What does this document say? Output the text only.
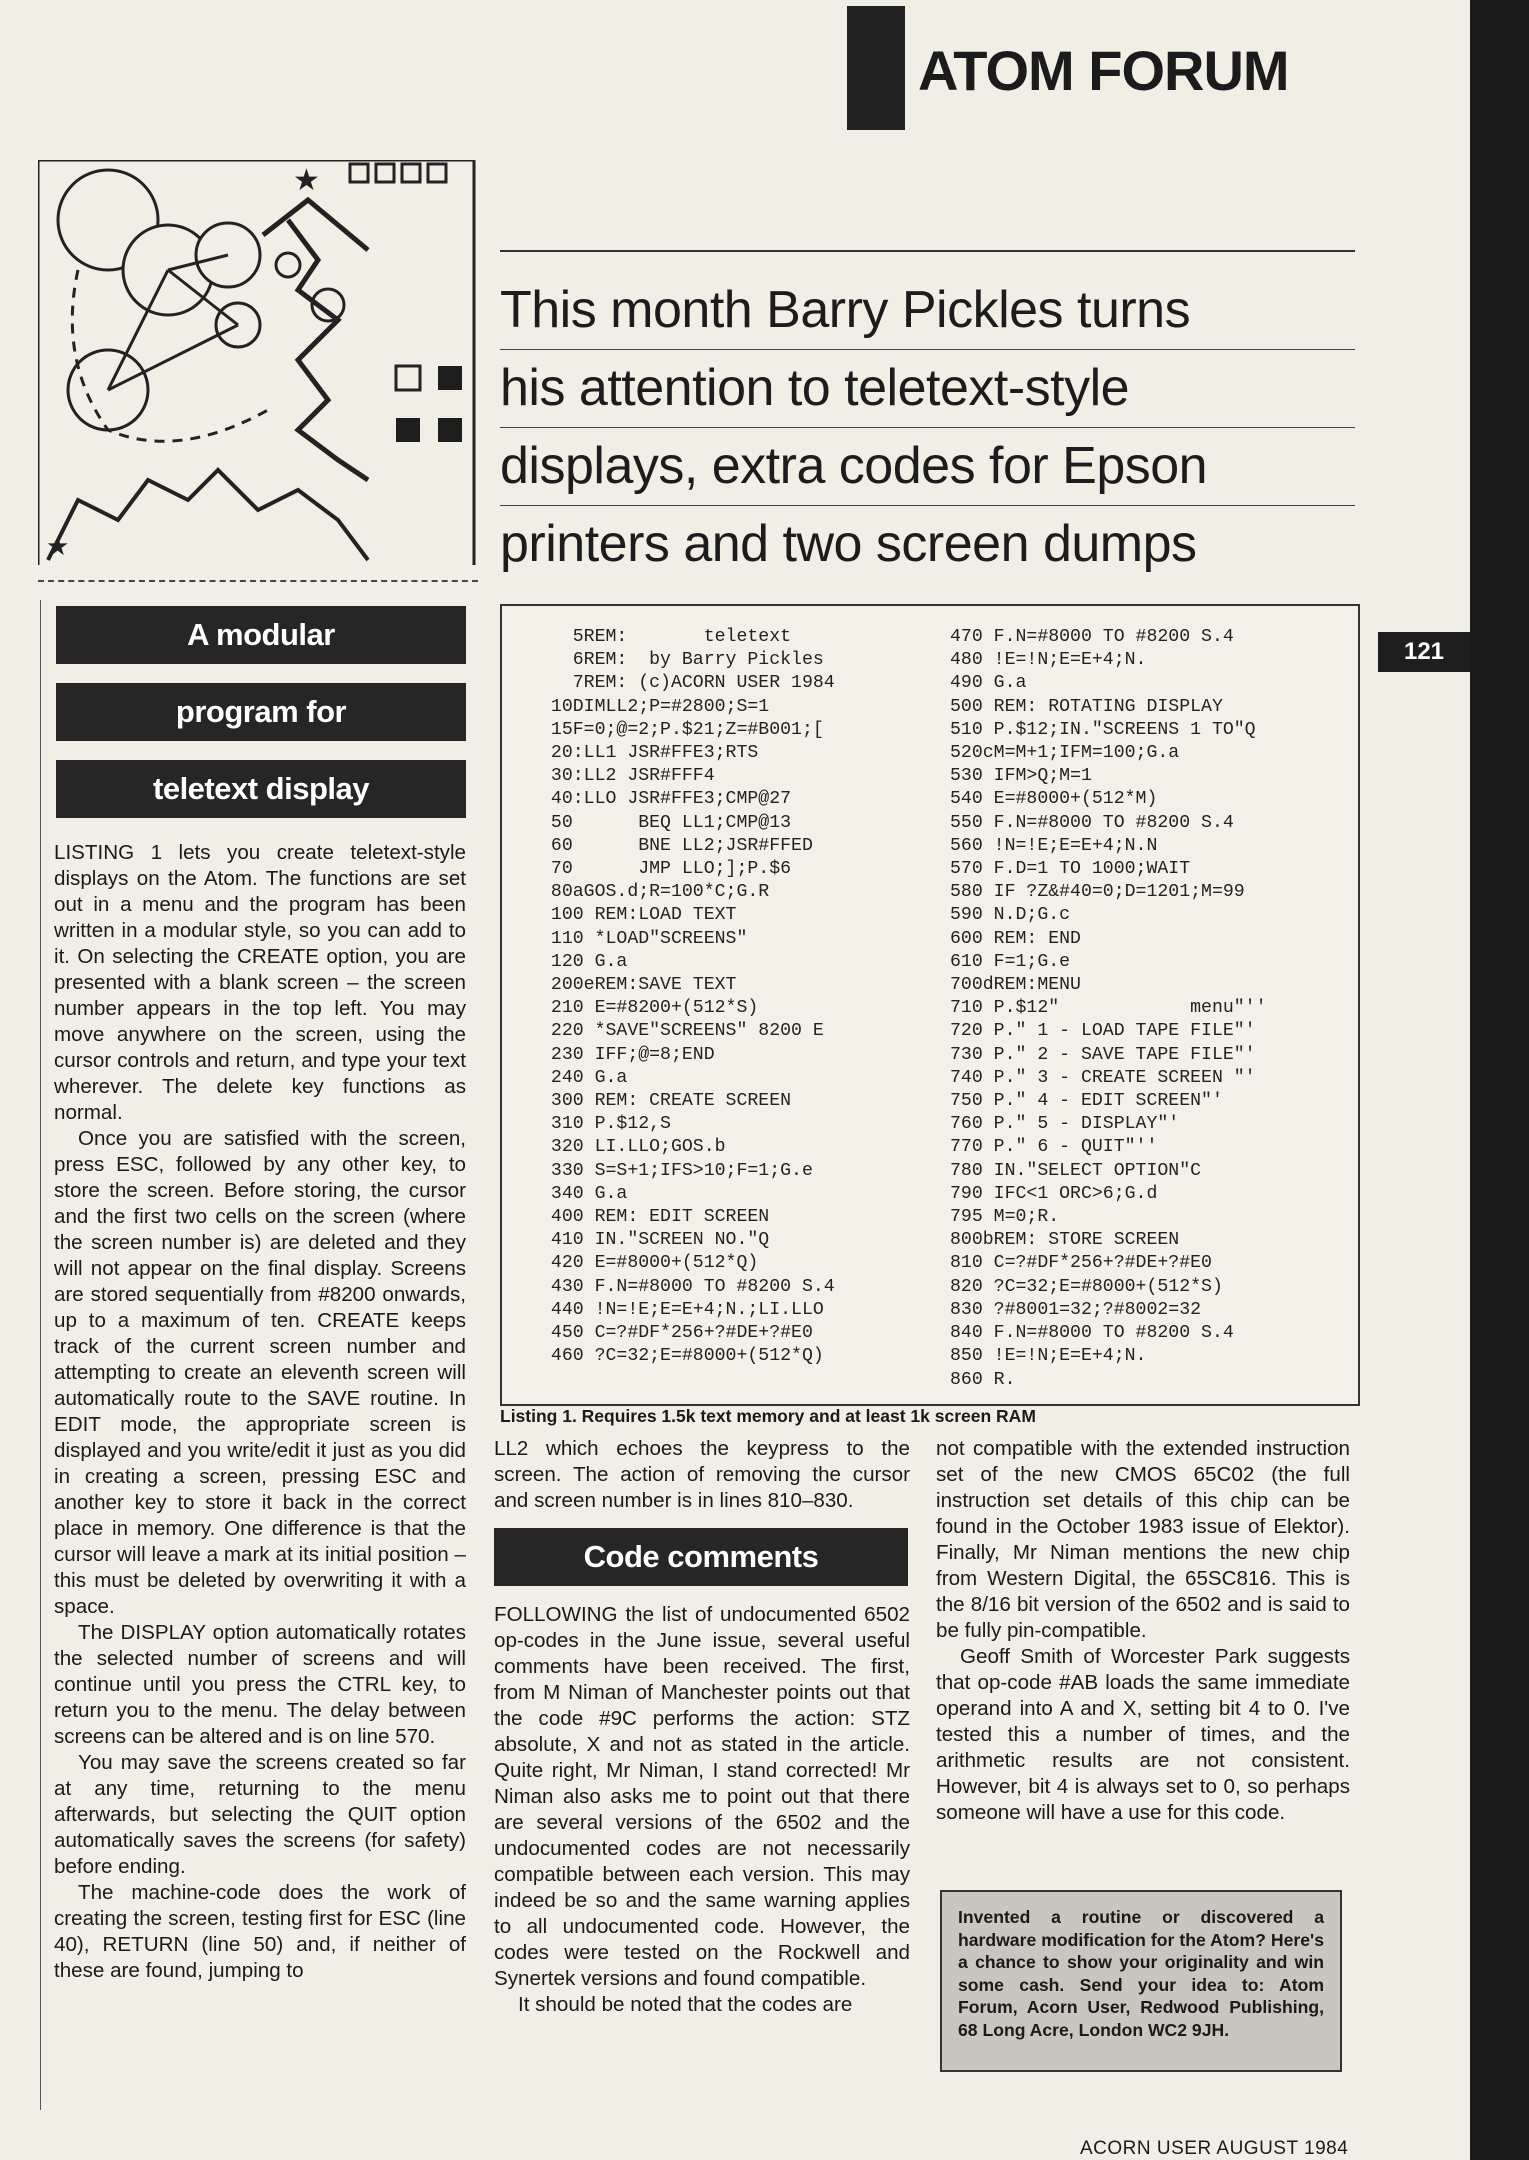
ATOM FORUM
121
★
★
This month Barry Pickles turns
his attention to teletext-style
displays, extra codes for Epson
printers and two screen dumps
A modular
program for
teletext display

LISTING 1 lets you create teletext-style displays on the Atom. The functions are set out in a menu and the program has been written in a modular style, so you can add to it. On selecting the CREATE option, you are presented with a blank screen – the screen number appears in the top left. You may move anywhere on the screen, using the cursor controls and return, and type your text wherever. The delete key functions as normal.

Once you are satisfied with the screen, press ESC, followed by any other key, to store the screen. Before storing, the cursor and the first two cells on the screen (where the screen number is) are deleted and they will not appear on the final display. Screens are stored sequentially from #8200 onwards, up to a maximum of ten. CREATE keeps track of the current screen number and attempting to create an eleventh screen will automatically route to the SAVE routine. In EDIT mode, the appropriate screen is displayed and you write/edit it just as you did in creating a screen, pressing ESC and another key to store it back in the correct place in memory. One difference is that the cursor will leave a mark at its initial position – this must be deleted by overwriting it with a space.

The DISPLAY option automatically rotates the selected number of screens and will continue until you press the CTRL key, to return you to the menu. The delay between screens can be altered and is on line 570.

You may save the screens created so far at any time, returning to the menu afterwards, but selecting the QUIT option automatically saves the screens (for safety) before ending.

The machine-code does the work of creating the screen, testing first for ESC (line 40), RETURN (line 50) and, if neither of these are found, jumping to

5REM:       teletext
6REM:  by Barry Pickles
7REM: (c)ACORN USER 1984
10DIMLL2;P=#2800;S=1
15F=0;@=2;P.$21;Z=#B001;[
20:LL1 JSR#FFE3;RTS
30:LL2 JSR#FFF4
40:LLO JSR#FFE3;CMP@27
50      BEQ LL1;CMP@13
60      BNE LL2;JSR#FFED
70      JMP LLO;];P.$6
80aGOS.d;R=100*C;G.R
100 REM:LOAD TEXT
110 *LOAD"SCREENS"
120 G.a
200eREM:SAVE TEXT
210 E=#8200+(512*S)
220 *SAVE"SCREENS" 8200 E
230 IFF;@=8;END
240 G.a
300 REM: CREATE SCREEN
310 P.$12,S
320 LI.LLO;GOS.b
330 S=S+1;IFS>10;F=1;G.e
340 G.a
400 REM: EDIT SCREEN
410 IN."SCREEN NO."Q
420 E=#8000+(512*Q)
430 F.N=#8000 TO #8200 S.4
440 !N=!E;E=E+4;N.;LI.LLO
450 C=?#DF*256+?#DE+?#E0
460 ?C=32;E=#8000+(512*Q)
470 F.N=#8000 TO #8200 S.4
480 !E=!N;E=E+4;N.
490 G.a
500 REM: ROTATING DISPLAY
510 P.$12;IN."SCREENS 1 TO"Q
520cM=M+1;IFM=100;G.a
530 IFM>Q;M=1
540 E=#8000+(512*M)
550 F.N=#8000 TO #8200 S.4
560 !N=!E;E=E+4;N.N
570 F.D=1 TO 1000;WAIT
580 IF ?Z&#40=0;D=1201;M=99
590 N.D;G.c
600 REM: END
610 F=1;G.e
700dREM:MENU
710 P.$12"            menu"''
720 P." 1 - LOAD TAPE FILE"'
730 P." 2 - SAVE TAPE FILE"'
740 P." 3 - CREATE SCREEN "'
750 P." 4 - EDIT SCREEN"'
760 P." 5 - DISPLAY"'
770 P." 6 - QUIT"''
780 IN."SELECT OPTION"C
790 IFC<1 ORC>6;G.d
795 M=0;R.
800bREM: STORE SCREEN
810 C=?#DF*256+?#DE+?#E0
820 ?C=32;E=#8000+(512*S)
830 ?#8001=32;?#8002=32
840 F.N=#8000 TO #8200 S.4
850 !E=!N;E=E+4;N.
860 R.
Listing 1. Requires 1.5k text memory and at least 1k screen RAM

LL2 which echoes the keypress to the screen. The action of removing the cursor and screen number is in lines 810–830.

Code comments

FOLLOWING the list of undocumented 6502 op-codes in the June issue, several useful comments have been received. The first, from M Niman of Manchester points out that the code #9C performs the action: STZ absolute, X and not as stated in the article. Quite right, Mr Niman, I stand corrected! Mr Niman also asks me to point out that there are several versions of the 6502 and the undocumented codes are not necessarily compatible between each version. This may indeed be so and the same warning applies to all undocumented code. However, the codes were tested on the Rockwell and Synertek versions and found compatible.

It should be noted that the codes are

not compatible with the extended instruction set of the new CMOS 65C02 (the full instruction set details of this chip can be found in the October 1983 issue of Elektor). Finally, Mr Niman mentions the new chip from Western Digital, the 65SC816. This is the 8/16 bit version of the 6502 and is said to be fully pin-compatible.

Geoff Smith of Worcester Park suggests that op-code #AB loads the same immediate operand into A and X, setting bit 4 to 0. I've tested this a number of times, and the arithmetic results are not consistent. However, bit 4 is always set to 0, so perhaps someone will have a use for this code.

Invented a routine or discovered a hardware modification for the Atom? Here's a chance to show your originality and win some cash. Send your idea to: Atom Forum, Acorn User, Redwood Publishing, 68 Long Acre, London WC2 9JH.
ACORN USER AUGUST 1984
